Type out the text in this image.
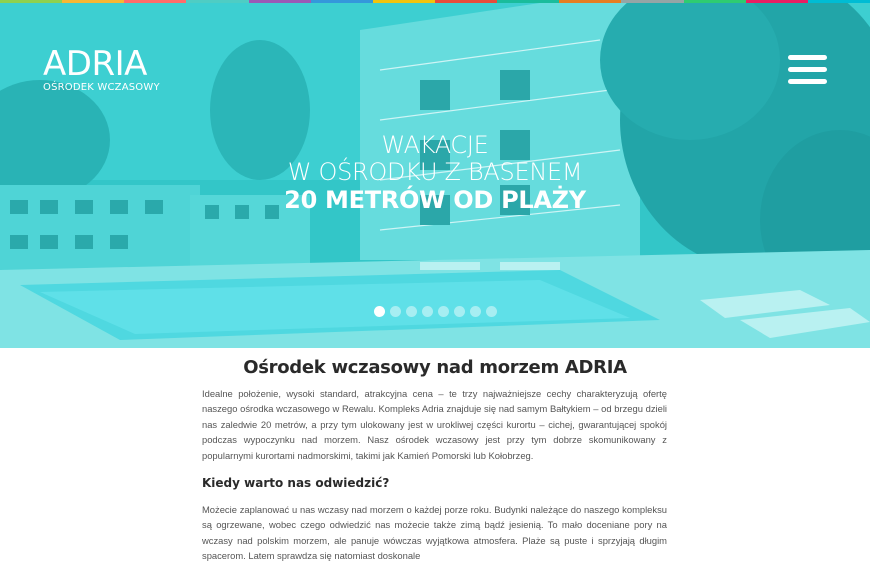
ADRIA
OŚRODEK WCZASOWY
WAKACJE
W OŚRODKU Z BASENEM
20 METRÓW OD PLAŻY
Ośrodek wczasowy nad morzem ADRIA

Idealne położenie, wysoki standard, atrakcyjna cena – te trzy najważniejsze cechy charakteryzują ofertę naszego ośrodka wczasowego w Rewalu. Kompleks Adria znajduje się nad samym Bałtykiem – od brzegu dzieli nas zaledwie 20 metrów, a przy tym ulokowany jest w urokliwej części kurortu – cichej, gwarantującej spokój podczas wypoczynku nad morzem. Nasz ośrodek wczasowy jest przy tym dobrze skomunikowany z popularnymi kurortami nadmorskimi, takimi jak Kamień Pomorski lub Kołobrzeg.

Kiedy warto nas odwiedzić?

Możecie zaplanować u nas wczasy nad morzem o każdej porze roku. Budynki należące do naszego kompleksu są ogrzewane, wobec czego odwiedzić nas możecie także zimą bądź jesienią. To mało doceniane pory na wczasy nad polskim morzem, ale panuje wówczas wyjątkowa atmosfera. Plaże są puste i sprzyjają długim spacerom. Latem sprawdza się natomiast doskonale
